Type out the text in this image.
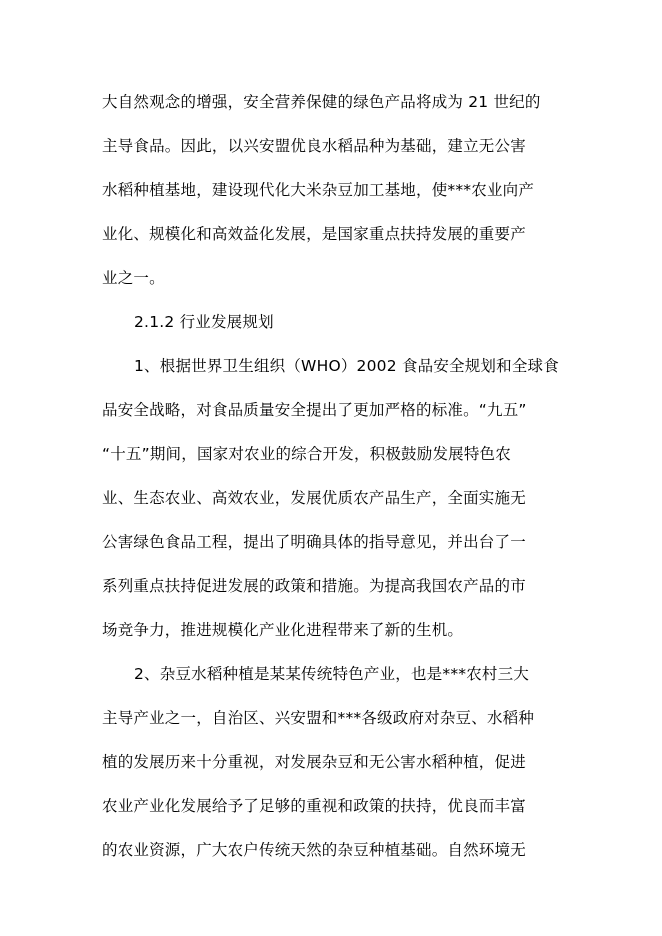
大自然观念的增强，安全营养保健的绿色产品将成为 21 世纪的
主导食品。因此，以兴安盟优良水稻品种为基础，建立无公害
水稻种植基地，建设现代化大米杂豆加工基地，使***农业向产
业化、规模化和高效益化发展，是国家重点扶持发展的重要产
业之一。
2.1.2 行业发展规划
1、根据世界卫生组织（WHO）2002 食品安全规划和全球食
品安全战略，对食品质量安全提出了更加严格的标准。“九五”
“十五”期间，国家对农业的综合开发，积极鼓励发展特色农
业、生态农业、高效农业，发展优质农产品生产，全面实施无
公害绿色食品工程，提出了明确具体的指导意见，并出台了一
系列重点扶持促进发展的政策和措施。为提高我国农产品的市
场竞争力，推进规模化产业化进程带来了新的生机。
2、杂豆水稻种植是某某传统特色产业，也是***农村三大
主导产业之一，自治区、兴安盟和***各级政府对杂豆、水稻种
植的发展历来十分重视，对发展杂豆和无公害水稻种植，促进
农业产业化发展给予了足够的重视和政策的扶持，优良而丰富
的农业资源，广大农户传统天然的杂豆种植基础。自然环境无
